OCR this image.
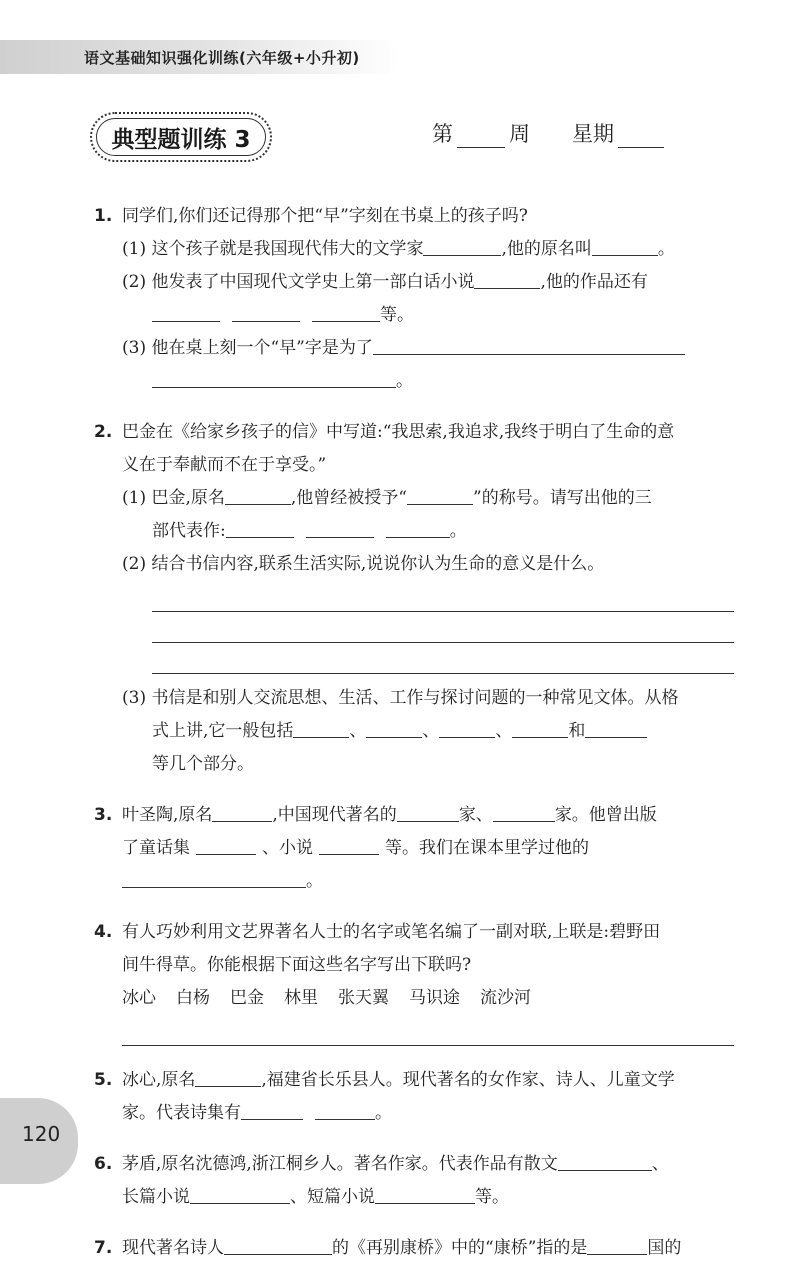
语文基础知识强化训练(六年级+小升初)
典型题训练 3	第	周 星期
1. 同学们,你们还记得那个把“早”字刻在书桌上的孩子吗?
(1) 这个孩子就是我国现代伟大的文学家	,他的原名叫	。
(2) 他发表了中国现代文学史上第一部白话小说	,他的作品还有
等。
(3) 他在桌上刻一个“早”字是为了
。
2. 巴金在《给家乡孩子的信》中写道:“我思索,我追求,我终于明白了生命的意
义在于奉献而不在于享受。”
(1) 巴金,原名	,他曾经被授予“	”的称号。请写出他的三
部代表作:	。
(2) 结合书信内容,联系生活实际,说说你认为生命的意义是什么。
(3) 书信是和别人交流思想、生活、工作与探讨问题的一种常见文体。从格
式上讲,它一般包括	、	、	、	和
等几个部分。
3. 叶圣陶,原名	,中国现代著名的	家、	家。他曾出版
了童话集	、小说	等。我们在课本里学过他的
。
4. 有人巧妙利用文艺界著名人士的名字或笔名编了一副对联,上联是:碧野田
间牛得草。你能根据下面这些名字写出下联吗?
冰心 白杨 巴金 林里 张天翼 马识途 流沙河
5. 冰心,原名	,福建省长乐县人。现代著名的女作家、诗人、儿童文学
家。代表诗集有	。
6. 茅盾,原名沈德鸿,浙江桐乡人。著名作家。代表作品有散文	、
长篇小说	、短篇小说	等。
7. 现代著名诗人	的《再别康桥》中的“康桥”指的是	国的
120
